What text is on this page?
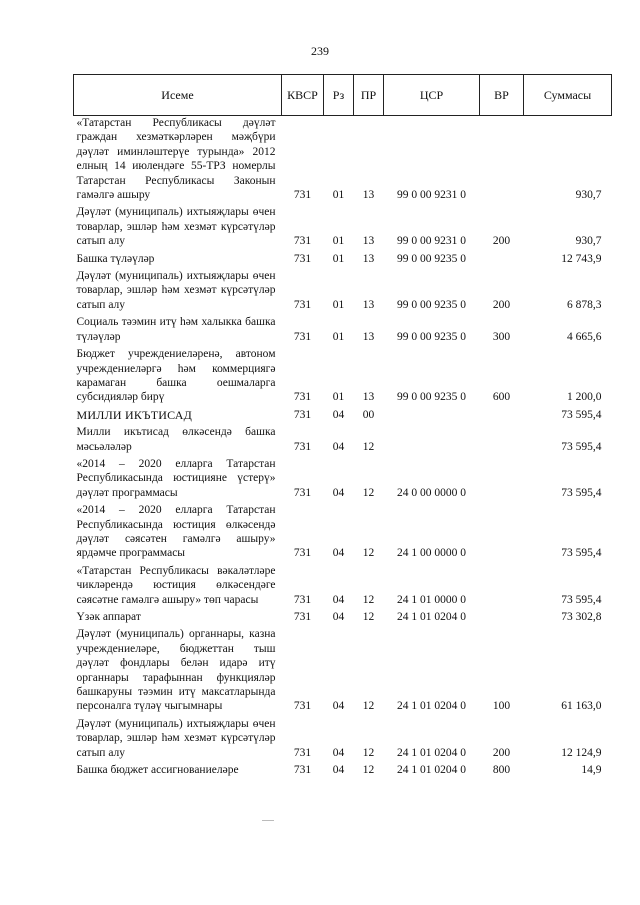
239
Исеме	КВСР	Рз	ПР	ЦСР	ВР	Суммасы
«Татарстан Республикасы дәүләт граждан хезмәткәрләрен мәҗбүри дәүләт иминләштерүе турында» 2012 елның 14 июлендәге 55-ТРЗ номерлы Татарстан Республикасы Законын гамәлгә ашыру	731	01	13	99 0 00 9231 0		930,7
Дәүләт (муниципаль) ихтыяҗлары өчен товарлар, эшләр һәм хезмәт күрсәтүләр сатып алу	731	01	13	99 0 00 9231 0	200	930,7
Башка түләүләр	731	01	13	99 0 00 9235 0		12 743,9
Дәүләт (муниципаль) ихтыяҗлары өчен товарлар, эшләр һәм хезмәт күрсәтүләр сатып алу	731	01	13	99 0 00 9235 0	200	6 878,3
Социаль тәэмин итү һәм халыкка башка түләүләр	731	01	13	99 0 00 9235 0	300	4 665,6
Бюджет учреждениеләренә, автоном учреждениеләргә һәм коммерциягә карамаган башка оешмаларга субсидияләр бирү	731	01	13	99 0 00 9235 0	600	1 200,0
МИЛЛИ ИКЪТИСАД	731	04	00			73 595,4
Милли икътисад өлкәсендә башка мәсьәләләр	731	04	12			73 595,4
«2014 – 2020 елларга Татарстан Республикасында юстицияне үстерү» дәүләт программасы	731	04	12	24 0 00 0000 0		73 595,4
«2014 – 2020 елларга Татарстан Республикасында юстиция өлкәсендә дәүләт сәясәтен гамәлгә ашыру» ярдәмче программасы	731	04	12	24 1 00 0000 0		73 595,4
«Татарстан Республикасы вәкаләтләре чикләрендә юстиция өлкәсендәге сәясәтне гамәлгә ашыру» төп чарасы	731	04	12	24 1 01 0000 0		73 595,4
Үзәк аппарат	731	04	12	24 1 01 0204 0		73 302,8
Дәүләт (муниципаль) органнары, казна учреждениеләре, бюджеттан тыш дәүләт фондлары белән идарә итү органнары тарафыннан функцияләр башкаруны тәэмин итү максатларында персоналга түләү чыгымнары	731	04	12	24 1 01 0204 0	100	61 163,0
Дәүләт (муниципаль) ихтыяҗлары өчен товарлар, эшләр һәм хезмәт күрсәтүләр сатып алу	731	04	12	24 1 01 0204 0	200	12 124,9
Башка бюджет ассигнованиеләре	731	04	12	24 1 01 0204 0	800	14,9
